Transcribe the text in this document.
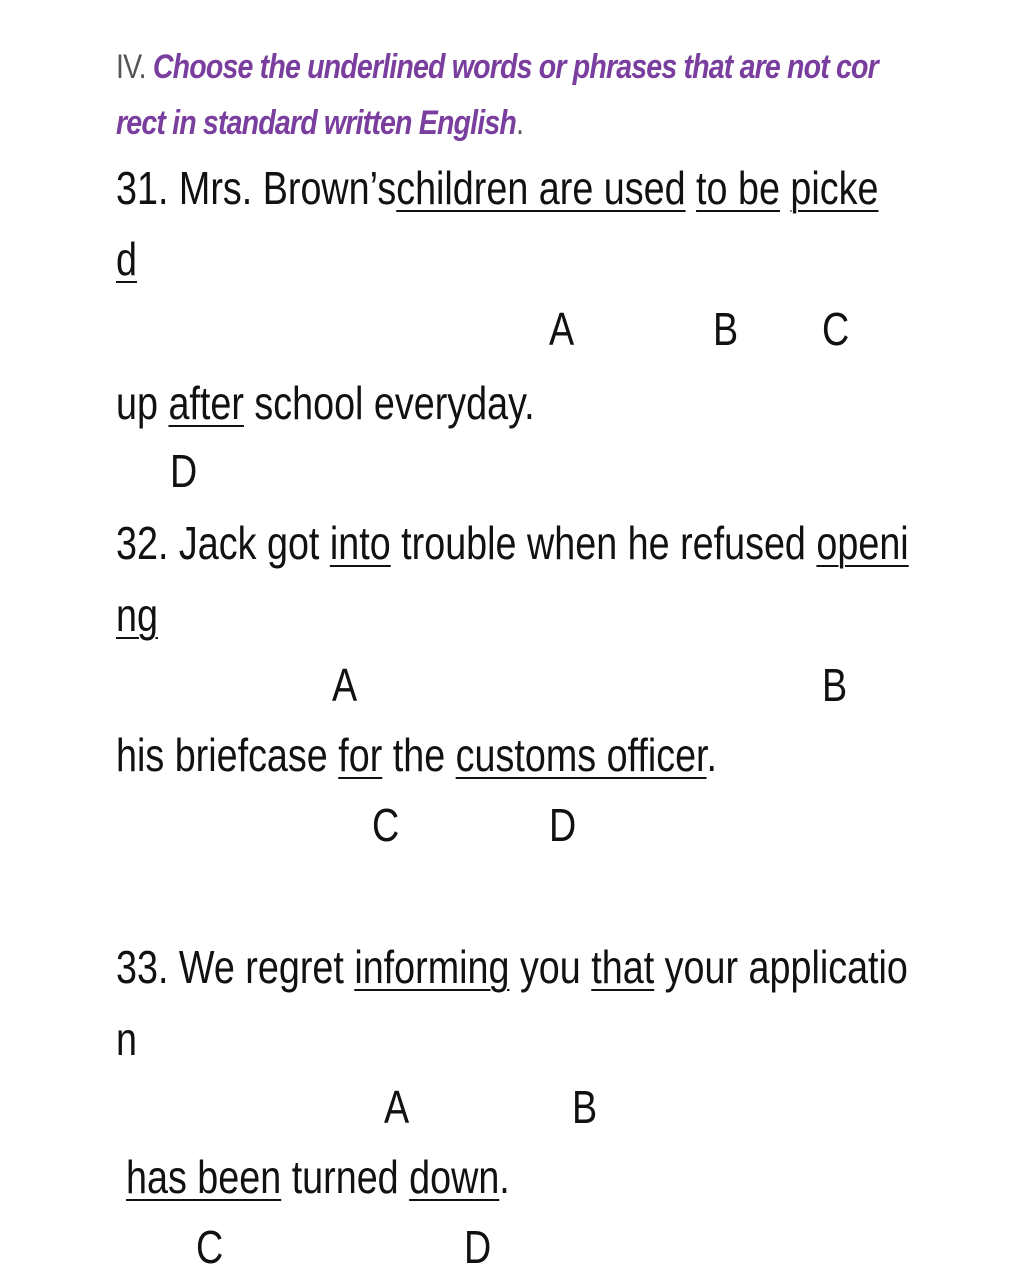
IV. Choose the underlined words or phrases that are not cor
rect in standard written English.
31. Mrs. Brown’schildren are used to be picke
d
A	B C
up after school everyday.
D
32. Jack got into trouble when he refused openi
ng
A	B
his briefcase for the customs officer.
C	D
33. We regret informing you that your applicatio
n
A	B
has been turned down.
C	D
